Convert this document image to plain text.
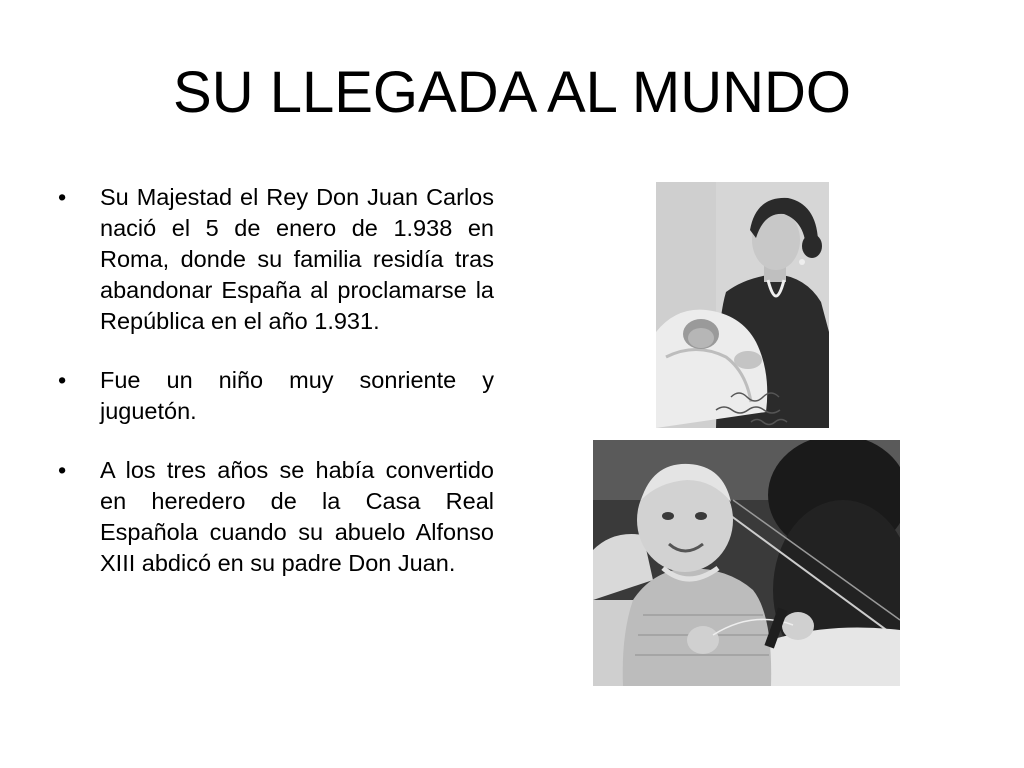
SU LLEGADA AL MUNDO
•	Su Majestad el Rey Don Juan Carlos nació el 5 de enero de 1.938 en Roma, donde su familia residía tras abandonar España al proclamarse la República en el año 1.931.
•	Fue un niño muy sonriente y juguetón.
•	A los tres años se había convertido en heredero de la Casa Real Española cuando su abuelo Alfonso XIII abdicó en su padre Don Juan.
